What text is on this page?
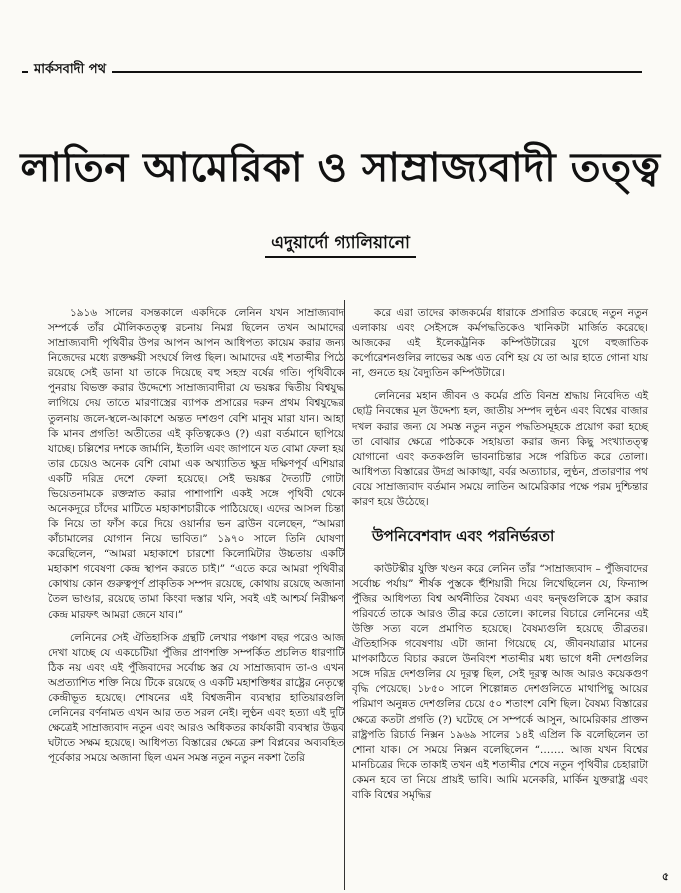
মার্কসবাদী পথ
লাতিন আমেরিকা ও সাম্রাজ্যবাদী তত্ত্ব
এদুয়ার্দো গ্যালিয়ানো

১৯১৬ সালের বসন্তকালে একদিকে লেনিন যখন সাম্রাজ্যবাদ সম্পর্কে তাঁর মৌলিকতত্ত্ব রচনায় নিমগ্ন ছিলেন তখন আমাদের সাম্রাজ্যবাদী পৃথিবীর উপর আপন আপন আধিপত্য কায়েম করার জন্য নিজেদের মধ্যে রক্তক্ষয়ী সংঘর্ষে লিপ্ত ছিল। আমাদের এই শতাব্দীর পিঠে রয়েছে সেই ডানা যা তাকে দিয়েছে বহু সহস্র বর্ষের গতি। পৃথিবীকে পুনরায় বিভক্ত করার উদ্দেশ্যে সাম্রাজ্যবাদীরা যে ভয়ঙ্কর দ্বিতীয় বিশ্বযুদ্ধ লাগিয়ে দেয় তাতে মারণাস্ত্রের ব্যাপক প্রসারের দরুন প্রথম বিশ্বযুদ্ধের তুলনায় জলে-স্থলে-আকাশে অন্তত দশগুণ বেশি মানুষ মারা যান। আহা কি মানব প্রগতি! অতীতের এই কৃতিত্বকেও (?) এরা বর্তমানে ছাপিয়ে যাচ্ছে। চল্লিশের দশকে জার্মানি, ইতালি এবং জাপানে যত বোমা ফেলা হয় তার চেয়েও অনেক বেশি বোমা এক অখ্যাতিত ক্ষুদ্র দক্ষিণপূর্ব এশিয়ার একটি দরিদ্র দেশে ফেলা হয়েছে। সেই ভয়ঙ্কর দৈত্যটি গোটা ভিয়েতনামকে রক্তস্নাত করার পাশাপাশি একই সঙ্গে পৃথিবী থেকে অনেকদূরে চাঁদের মাটিতে মহাকাশচারীকে পাঠিয়েছে। এদের আসল চিন্তা কি নিয়ে তা ফাঁস করে দিয়ে ওয়ার্নার ভন ব্রাউন বলেছেন, “আমরা কাঁচামালের যোগান নিয়ে ভাবিত।” ১৯৭০ সালে তিনি ঘোষণা করেছিলেন, “আমরা মহাকাশে চারশো কিলোমিটার উচ্চতায় একটি মহাকাশ গবেষণা কেন্দ্র স্থাপন করতে চাই।” “এতে করে আমরা পৃথিবীর কোথায় কোন গুরুত্বপূর্ণ প্রাকৃতিক সম্পদ রয়েছে, কোথায় রয়েছে অজানা তৈল ভাণ্ডার, রয়েছে তামা কিংবা দস্তার খনি, সবই এই আশ্চর্য নিরীক্ষণ কেন্দ্র মারফৎ আমরা জেনে যাব।”

লেনিনের সেই ঐতিহাসিক গ্রন্থটি লেখার পঞ্চাশ বছর পরেও আজ দেখা যাচ্ছে যে একচেটিয়া পুঁজির প্রাণশক্তি সম্পর্কিত প্রচলিত ধারণাটি ঠিক নয় এবং এই পুঁজিবাদের সর্বোচ্চ স্তর যে সাম্রাজ্যবাদ তা-ও এখন অপ্রত্যাশিত শক্তি নিয়ে টিকে রয়েছে ও একটি মহাশক্তিধর রাষ্ট্রের নেতৃত্বে কেন্দ্রীভূত হয়েছে। শোষনের এই বিশ্বজনীন ব্যবস্থার হাতিয়ারগুলি লেনিনের বর্ণনামত এখন আর তত সরল নেই। লুণ্ঠন এবং হত্যা এই দুটি ক্ষেত্রেই সাম্রাজ্যবাদ নতুন এবং আরও অধিকতর কার্যকারী ব্যবস্থার উদ্ভব ঘটাতে সক্ষম হয়েছে। আধিপত্য বিস্তারের ক্ষেত্রে রুশ বিপ্লবের অব্যবহিত পূর্বেকার সময়ে অজানা ছিল এমন সমস্ত নতুন নতুন নকশা তৈরি

করে এরা তাদের কাজকর্মের ধারাকে প্রসারিত করেছে নতুন নতুন এলাকায় এবং সেইসঙ্গে কর্মপদ্ধতিকেও খানিকটা মার্জিত করেছে। আজকের এই ইলেকট্রনিক কম্পিউটারের যুগে বহুজাতিক কর্পোরেশনগুলির লাভের অঙ্ক এত বেশি হয় যে তা আর হাতে গোনা যায় না, গুনতে হয় বৈদ্যুতিন কম্পিউটারে।

লেনিনের মহান জীবন ও কর্মের প্রতি বিনম্র শ্রদ্ধায় নিবেদিত এই ছোট্ট নিবন্ধের মূল উদ্দেশ্য হল, জাতীয় সম্পদ লুণ্ঠন এবং বিশ্বের বাজার দখল করার জন্য যে সমস্ত নতুন নতুন পদ্ধতিসমূহকে প্রয়োগ করা হচ্ছে তা বোঝার ক্ষেত্রে পাঠককে সহায়তা করার জন্য কিছু সংখ্যাতত্ত্ব যোগানো এবং কতকগুলি ভাবনাচিন্তার সঙ্গে পরিচিত করে তোলা। আধিপত্য বিস্তারের উদগ্র আকাঙ্খা, বর্বর অত্যাচার, লুণ্ঠন, প্রতারণার পথ বেয়ে সাম্রাজ্যবাদ বর্তমান সময়ে লাতিন আমেরিকার পক্ষে পরম দুশ্চিন্তার কারণ হয়ে উঠেছে।

উপনিবেশবাদ এবং পরনির্ভরতা

কাউটস্কীর যুক্তি খণ্ডন করে লেনিন তাঁর “সাম্রাজ্যবাদ – পুঁজিবাদের সর্বোচ্চ পর্যায়” শীর্ষক পুস্তকে হুঁশিয়ারী দিয়ে লিখেছিলেন যে, ফিন্যান্স পুঁজির আধিপত্য বিশ্ব অর্থনীতির বৈষম্য এবং দ্বন্দ্বগুলিকে হ্রাস করার পরিবর্তে তাকে আরও তীব্র করে তোলে। কালের বিচারে লেনিনের এই উক্তি সত্য বলে প্রমাণিত হয়েছে। বৈষম্যগুলি হয়েছে তীব্রতর। ঐতিহাসিক গবেষণায় এটা জানা গিয়েছে যে, জীবনযাত্রার মানের মাপকাঠিতে বিচার করলে উনবিংশ শতাব্দীর মধ্য ভাগে ধনী দেশগুলির সঙ্গে দরিদ্র দেশগুলির যে দূরত্ব ছিল, সেই দূরত্ব আজ আরও কয়েকগুণ বৃদ্ধি পেয়েছে। ১৮৫০ সালে শিল্পোন্নত দেশগুলিতে মাথাপিছু আয়ের পরিমাণ অনুন্নত দেশগুলির চেয়ে ৫০ শতাংশ বেশি ছিল। বৈষম্য বিস্তারের ক্ষেত্রে কতটা প্রগতি (?) ঘটেছে সে সম্পর্কে আসুন, আমেরিকার প্রাক্তন রাষ্ট্রপতি রিচার্ড নিক্সন ১৯৬৯ সালের ১৪ই এপ্রিল কি বলেছিলেন তা শোনা যাক। সে সময়ে নিক্সন বলেছিলেন “……. আজ যখন বিশ্বের মানচিত্রের দিকে তাকাই তখন এই শতাব্দীর শেষে নতুন পৃথিবীর চেহারাটা কেমন হবে তা নিয়ে প্রায়ই ভাবি। আমি মনেকরি, মার্কিন যুক্তরাষ্ট্র এবং বাকি বিশ্বের সমৃদ্ধির

৫
